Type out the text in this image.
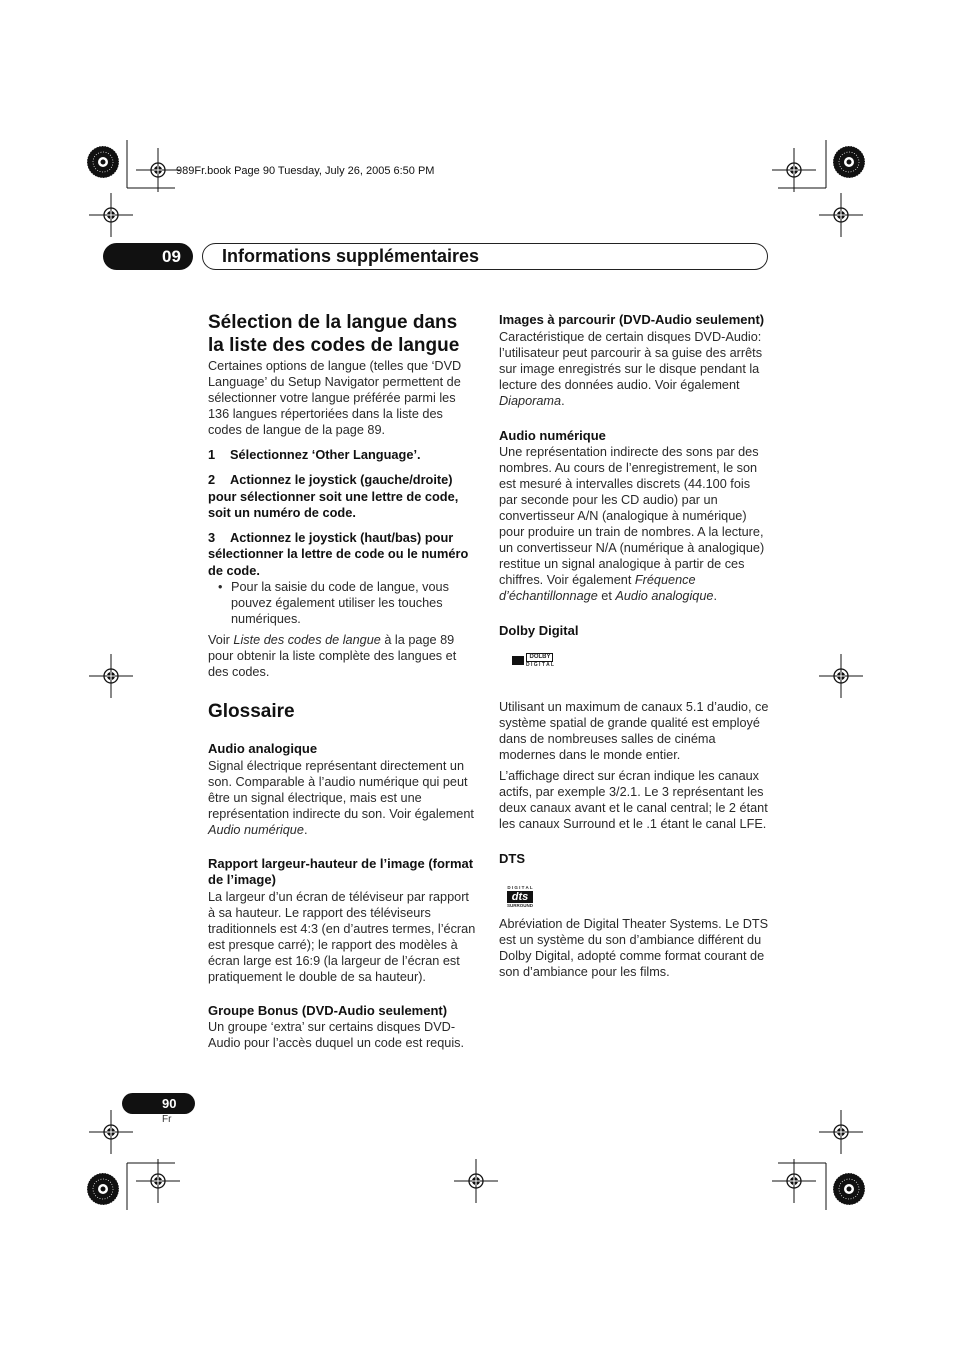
989Fr.book Page 90 Tuesday, July 26, 2005 6:50 PM
09 Informations supplémentaires
Sélection de la langue dans la liste des codes de langue

Certaines options de langue (telles que ‘DVD Language’ du Setup Navigator permettent de sélectionner votre langue préférée parmi les 136 langues répertoriées dans la liste des codes de langue de la page 89.

1 Sélectionnez ‘Other Language’.
2 Actionnez le joystick (gauche/droite) pour sélectionner soit une lettre de code, soit un numéro de code.
3 Actionnez le joystick (haut/bas) pour sélectionner la lettre de code ou le numéro de code.

• Pour la saisie du code de langue, vous pouvez également utiliser les touches numériques.

Voir Liste des codes de langue à la page 89 pour obtenir la liste complète des langues et des codes.

Glossaire
Audio analogique

Signal électrique représentant directement un son. Comparable à l’audio numérique qui peut être un signal électrique, mais est une représentation indirecte du son. Voir également Audio numérique.

Rapport largeur-hauteur de l’image (format de l’image)

La largeur d’un écran de téléviseur par rapport à sa hauteur. Le rapport des téléviseurs traditionnels est 4:3 (en d’autres termes, l’écran est presque carré); le rapport des modèles à écran large est 16:9 (la largeur de l’écran est pratiquement le double de sa hauteur).

Groupe Bonus (DVD-Audio seulement)

Un groupe ‘extra’ sur certains disques DVD-Audio pour l’accès duquel un code est requis.

Images à parcourir (DVD-Audio seulement)

Caractéristique de certain disques DVD-Audio: l’utilisateur peut parcourir à sa guise des arrêts sur image enregistrés sur le disque pendant la lecture des données audio. Voir également Diaporama.

Audio numérique

Une représentation indirecte des sons par des nombres. Au cours de l’enregistrement, le son est mesuré à intervalles discrets (44.100 fois par seconde pour les CD audio) par un convertisseur A/N (analogique à numérique) pour produire un train de nombres. A la lecture, un convertisseur N/A (numérique à analogique) restitue un signal analogique à partir de ces chiffres. Voir également Fréquence d’échantillonnage et Audio analogique.

Dolby Digital
DOLBY
D I G I T A L

Utilisant un maximum de canaux 5.1 d’audio, ce système spatial de grande qualité est employé dans de nombreuses salles de cinéma modernes dans le monde entier.

L’affichage direct sur écran indique les canaux actifs, par exemple 3/2.1. Le 3 représentant les deux canaux avant et le canal central; le 2 étant les canaux Surround et le .1 étant le canal LFE.

DTS
D I G I T A L
dts
SURROUND

Abréviation de Digital Theater Systems. Le DTS est un système du son d’ambiance différent du Dolby Digital, adopté comme format courant de son d’ambiance pour les films.

90
Fr
